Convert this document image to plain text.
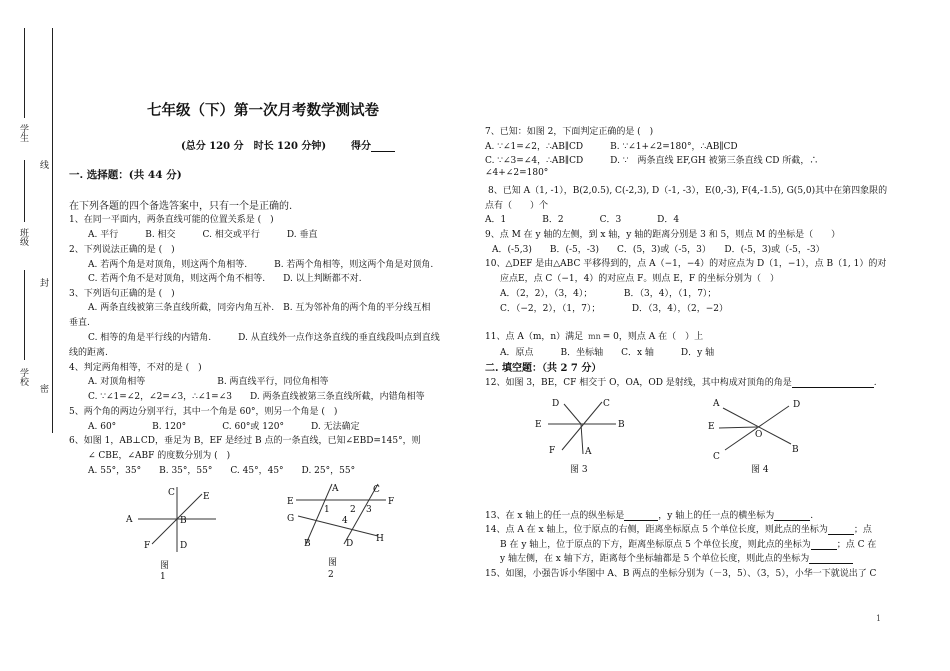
学生
线
班级
封
学校
密
七年级（下）第一次月考数学测试卷
(总分 120 分　时长 120 分钟) 得分
一. 选择题：(共 44 分)
在下列各题的四个备选答案中，只有一个是正确的.
1、在同一平面内，两条直线可能的位置关系是 (　)
A. 平行　　　B. 相交　　　C. 相交或平行　　　D. 垂直
2、下列说法正确的是 (　)
A. 若两个角是对顶角，则这两个角相等.　　　B. 若两个角相等，则这两个角是对顶角.
C. 若两个角不是对顶角，则这两个角不相等.　　D. 以上判断都不对.
3、下列语句正确的是 (　)
A. 两条直线被第三条直线所截，同旁内角互补.　B. 互为邻补角的两个角的平分线互相
垂直.
C. 相等的角是平行线的内错角.　　　D. 从直线外一点作这条直线的垂直线段叫点到直线
线的距离.
4、判定两角相等，不对的是 (　)
A. 对顶角相等　　　　　　　　B. 两直线平行，同位角相等
C. ∵∠1=∠2，∠2=∠3，∴∠1=∠3　　D. 两条直线被第三条直线所截，内错角相等
5、两个角的两边分别平行，其中一个角是 60°，则另一个角是 (　)
A. 60°　　　　B. 120°　　　　C. 60°或 120°　　　D. 无法确定
6、如图 1，AB⊥CD，垂足为 B，EF 是经过 B 点的一条直线，已知∠EBD=145°，则
∠ CBE，∠ABF 的度数分别为 (　)
A. 55°，35°　　B. 35°，55°　　C. 45°，45°　　D. 25°，55°
C	E
A	B
F	D
图
1
A	C
E	F
1 2 3
G	4
B	D	H
图
2
7、已知：如图 2，下面判定正确的是 (　)
A. ∵∠1=∠2，∴AB∥CD　　　B. ∵∠1+∠2=180°，∴AB∥CD
C. ∵∠3=∠4，∴AB∥CD　　　D. ∵　两条直线 EF,GH 被第三条直线 CD 所截，∴
∠4+∠2=180°
8、已知 A（1, -1），B(2,0.5), C(-2,3), D（-1, -3），E(0,-3), F(4,-1.5), G(5,0)其中在第四象限的
点有（　　）个
A．1　　　　B．2　　　　C．3　　　　D．4
9、点 M 在 y 轴的左侧，到 x 轴，y 轴的距离分别是 3 和 5，则点 M 的坐标是（　　）
A．(-5,3)　　B．(-5，-3)　　C．(5，3)或（-5，3）　　D．(-5，3)或（-5，-3）
10、△DEF 是由△ABC 平移得到的，点 A（−1，−4）的对应点为 D（1，−1），点 B（1, 1）的对
应点E，点 C（−1，4）的对应点 F。则点 E，F 的坐标分别为（　）
A．（2，2），（3，4）；　　　　B．（3，4），（1，7）；
C．（−2，2），（1，7）；　　　　D．（3，4），（2，−2）
11、点 A（m，n）满足 mn = 0，则点 A 在（　）上
A．原点　　　B．坐标轴　　C．x 轴　　　D．y 轴
二. 填空题：（共 2 7 分）
12、如图 3，BE，CF 相交于 O，OA，OD 是射线，其中构成对顶角的角是	.
D	C
E	B
F	A
图 3
A	D
E
O
B
C
图 4
13、在 x 轴上的任一点的纵坐标是	，y 轴上的任一点的横坐标为	.
14、点 A 在 x 轴上，位于原点的右侧，距离坐标原点 5 个单位长度，则此点的坐标为	；点
B 在 y 轴上，位于原点的下方，距离坐标原点 5 个单位长度，则此点的坐标为	；点 C 在
y 轴左侧，在 x 轴下方，距离每个坐标轴都是 5 个单位长度，则此点的坐标为
15、如图，小强告诉小华图中 A、B 两点的坐标分别为（－3，5）、（3，5），小华一下就说出了 C
1
